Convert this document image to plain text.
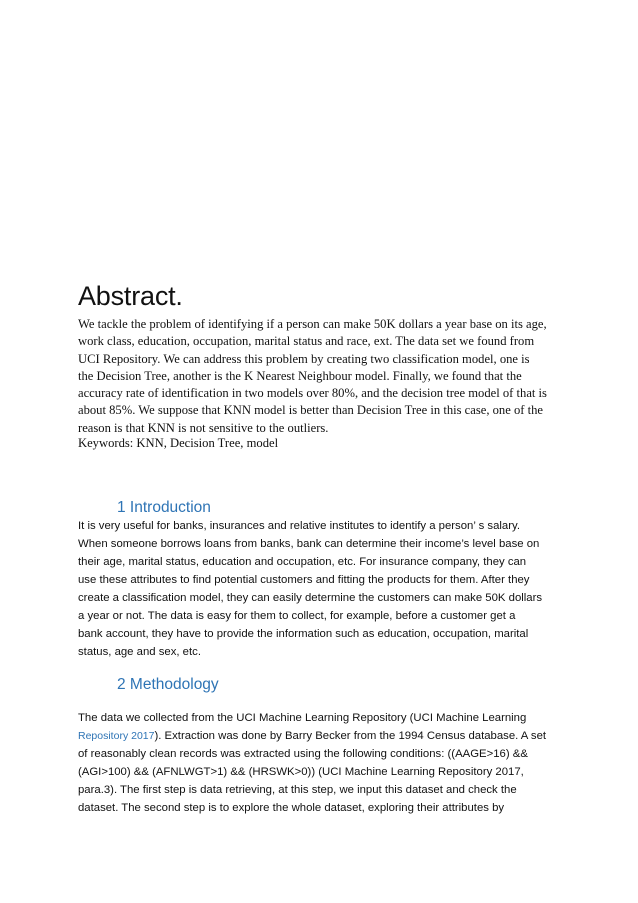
Abstract.
We tackle the problem of identifying if a person can make 50K dollars a year base on its age,
work class, education, occupation, marital status and race, ext. The data set we found from
UCI Repository. We can address this problem by creating two classification model, one is
the Decision Tree, another is the K Nearest Neighbour model. Finally, we found that the
accuracy rate of identification in two models over 80%, and the decision tree model of that is
about 85%. We suppose that KNN model is better than Decision Tree in this case, one of the
reason is that KNN is not sensitive to the outliers.

Keywords: KNN, Decision Tree, model

1 Introduction
It is very useful for banks, insurances and relative institutes to identify a person’ s salary.
When someone borrows loans from banks, bank can determine their income’s level base on
their age, marital status, education and occupation, etc. For insurance company, they can
use these attributes to find potential customers and fitting the products for them. After they
create a classification model, they can easily determine the customers can make 50K dollars
a year or not. The data is easy for them to collect, for example, before a customer get a
bank account, they have to provide the information such as education, occupation, marital
status, age and sex, etc.
2 Methodology
The data we collected from the UCI Machine Learning Repository (UCI Machine Learning
Repository 2017). Extraction was done by Barry Becker from the 1994 Census database. A set
of reasonably clean records was extracted using the following conditions: ((AAGE>16) &&
(AGI>100) && (AFNLWGT>1) && (HRSWK>0)) (UCI Machine Learning Repository 2017,
para.3). The first step is data retrieving, at this step, we input this dataset and check the
dataset. The second step is to explore the whole dataset, exploring their attributes by
